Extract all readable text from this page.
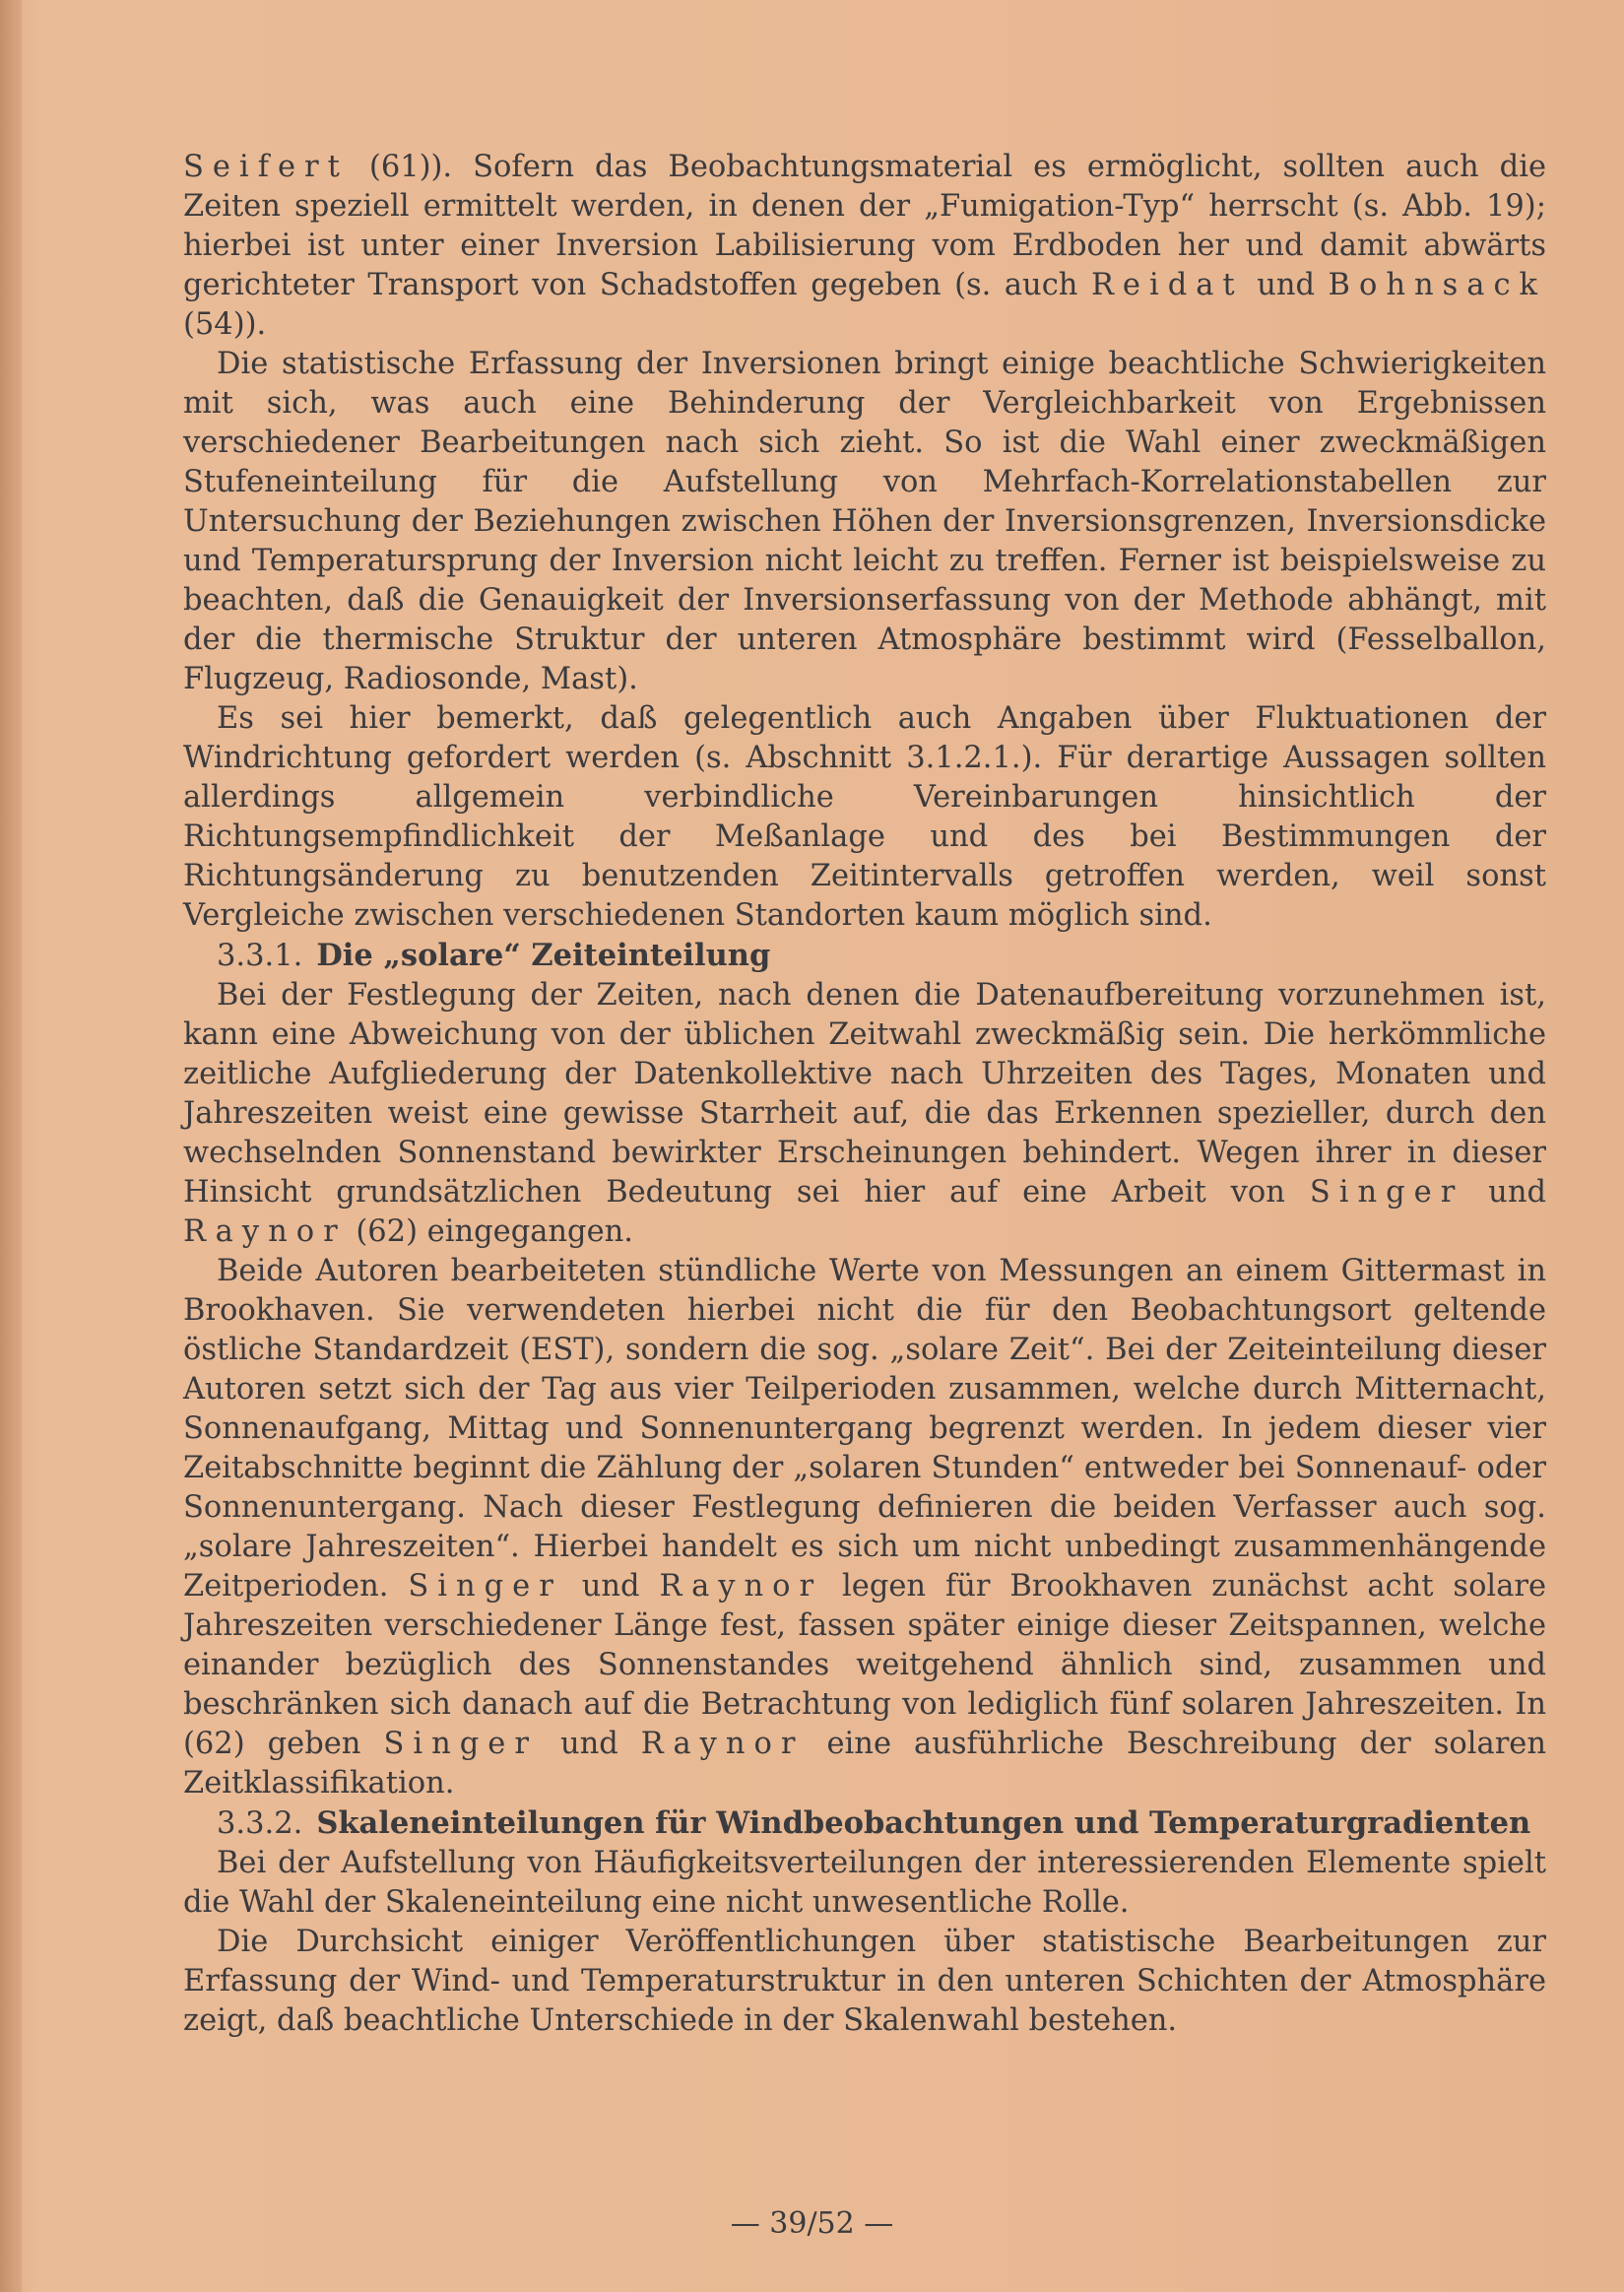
Seifert (61)). Sofern das Beobachtungsmaterial es ermöglicht, sollten auch die Zeiten speziell ermittelt werden, in denen der „Fumigation-Typ“ herrscht (s. Abb. 19); hierbei ist unter einer Inversion Labilisierung vom Erdboden her und damit abwärts gerichteter Transport von Schadstoffen gegeben (s. auch Reidat und Bohnsack (54)).

Die statistische Erfassung der Inversionen bringt einige beachtliche Schwierigkeiten mit sich, was auch eine Behinderung der Vergleichbarkeit von Ergebnissen verschiedener Bearbeitungen nach sich zieht. So ist die Wahl einer zweckmäßigen Stufeneinteilung für die Aufstellung von Mehrfach-Korrelationstabellen zur Untersuchung der Beziehungen zwischen Höhen der Inversionsgrenzen, Inversionsdicke und Temperatursprung der Inversion nicht leicht zu treffen. Ferner ist beispielsweise zu beachten, daß die Genauigkeit der Inversionserfassung von der Methode abhängt, mit der die thermische Struktur der unteren Atmosphäre bestimmt wird (Fesselballon, Flugzeug, Radiosonde, Mast).

Es sei hier bemerkt, daß gelegentlich auch Angaben über Fluktuationen der Windrichtung gefordert werden (s. Abschnitt 3.1.2.1.). Für derartige Aussagen sollten allerdings allgemein verbindliche Vereinbarungen hinsichtlich der Richtungsempfindlichkeit der Meßanlage und des bei Bestimmungen der Richtungsänderung zu benutzenden Zeitintervalls getroffen werden, weil sonst Vergleiche zwischen verschiedenen Standorten kaum möglich sind.

3.3.1. Die „solare“ Zeiteinteilung

Bei der Festlegung der Zeiten, nach denen die Datenaufbereitung vorzunehmen ist, kann eine Abweichung von der üblichen Zeitwahl zweckmäßig sein. Die herkömmliche zeitliche Aufgliederung der Datenkollektive nach Uhrzeiten des Tages, Monaten und Jahreszeiten weist eine gewisse Starrheit auf, die das Erkennen spezieller, durch den wechselnden Sonnenstand bewirkter Erscheinungen behindert. Wegen ihrer in dieser Hinsicht grundsätzlichen Bedeutung sei hier auf eine Arbeit von Singer und Raynor (62) eingegangen.

Beide Autoren bearbeiteten stündliche Werte von Messungen an einem Gittermast in Brookhaven. Sie verwendeten hierbei nicht die für den Beobachtungsort geltende östliche Standardzeit (EST), sondern die sog. „solare Zeit“. Bei der Zeiteinteilung dieser Autoren setzt sich der Tag aus vier Teilperioden zusammen, welche durch Mitternacht, Sonnenaufgang, Mittag und Sonnenuntergang begrenzt werden. In jedem dieser vier Zeitabschnitte beginnt die Zählung der „solaren Stunden“ entweder bei Sonnenauf- oder Sonnenuntergang. Nach dieser Festlegung definieren die beiden Verfasser auch sog. „solare Jahreszeiten“. Hierbei handelt es sich um nicht unbedingt zusammenhängende Zeitperioden. Singer und Raynor legen für Brookhaven zunächst acht solare Jahreszeiten verschiedener Länge fest, fassen später einige dieser Zeitspannen, welche einander bezüglich des Sonnenstandes weitgehend ähnlich sind, zusammen und beschränken sich danach auf die Betrachtung von lediglich fünf solaren Jahreszeiten. In (62) geben Singer und Raynor eine ausführliche Beschreibung der solaren Zeitklassifikation.

3.3.2. Skaleneinteilungen für Windbeobachtungen und Temperaturgradienten

Bei der Aufstellung von Häufigkeitsverteilungen der interessierenden Elemente spielt die Wahl der Skaleneinteilung eine nicht unwesentliche Rolle.

Die Durchsicht einiger Veröffentlichungen über statistische Bearbeitungen zur Erfassung der Wind- und Temperaturstruktur in den unteren Schichten der Atmosphäre zeigt, daß beachtliche Unterschiede in der Skalenwahl bestehen.

— 39/52 —
